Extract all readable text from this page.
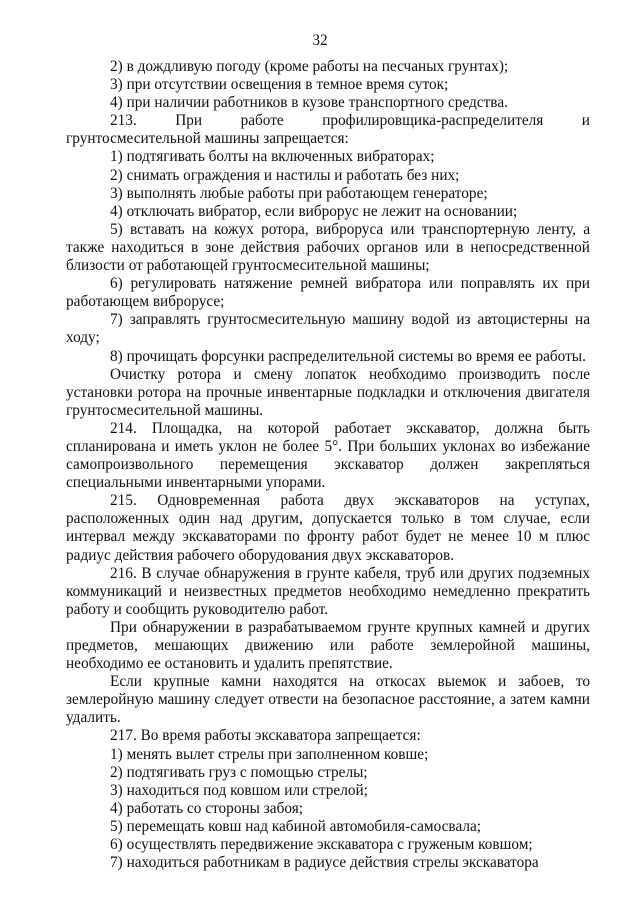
32

2) в дождливую погоду (кроме работы на песчаных грунтах);

3) при отсутствии освещения в темное время суток;

4) при наличии работников в кузове транспортного средства.

213. При работе профилировщика-распределителя и грунтосмесительной машины запрещается:

1) подтягивать болты на включенных вибраторах;

2) снимать ограждения и настилы и работать без них;

3) выполнять любые работы при работающем генераторе;

4) отключать вибратор, если виброрус не лежит на основании;

5) вставать на кожух ротора, виброруса или транспортерную ленту, а также находиться в зоне действия рабочих органов или в непосредственной близости от работающей грунтосмесительной машины;

6) регулировать натяжение ремней вибратора или поправлять их при работающем виброрусе;

7) заправлять грунтосмесительную машину водой из автоцистерны на ходу;

8) прочищать форсунки распределительной системы во время ее работы.

Очистку ротора и смену лопаток необходимо производить после установки ротора на прочные инвентарные подкладки и отключения двигателя грунтосмесительной машины.

214. Площадка, на которой работает экскаватор, должна быть спланирована и иметь уклон не более 5°. При больших уклонах во избежание самопроизвольного перемещения экскаватор должен закрепляться специальными инвентарными упорами.

215. Одновременная работа двух экскаваторов на уступах, расположенных один над другим, допускается только в том случае, если интервал между экскаваторами по фронту работ будет не менее 10 м плюс радиус действия рабочего оборудования двух экскаваторов.

216. В случае обнаружения в грунте кабеля, труб или других подземных коммуникаций и неизвестных предметов необходимо немедленно прекратить работу и сообщить руководителю работ.

При обнаружении в разрабатываемом грунте крупных камней и других предметов, мешающих движению или работе землеройной машины, необходимо ее остановить и удалить препятствие.

Если крупные камни находятся на откосах выемок и забоев, то землеройную машину следует отвести на безопасное расстояние, а затем камни удалить.

217. Во время работы экскаватора запрещается:

1) менять вылет стрелы при заполненном ковше;

2) подтягивать груз с помощью стрелы;

3) находиться под ковшом или стрелой;

4) работать со стороны забоя;

5) перемещать ковш над кабиной автомобиля-самосвала;

6) осуществлять передвижение экскаватора с груженым ковшом;

7) находиться работникам в радиусе действия стрелы экскаватора
